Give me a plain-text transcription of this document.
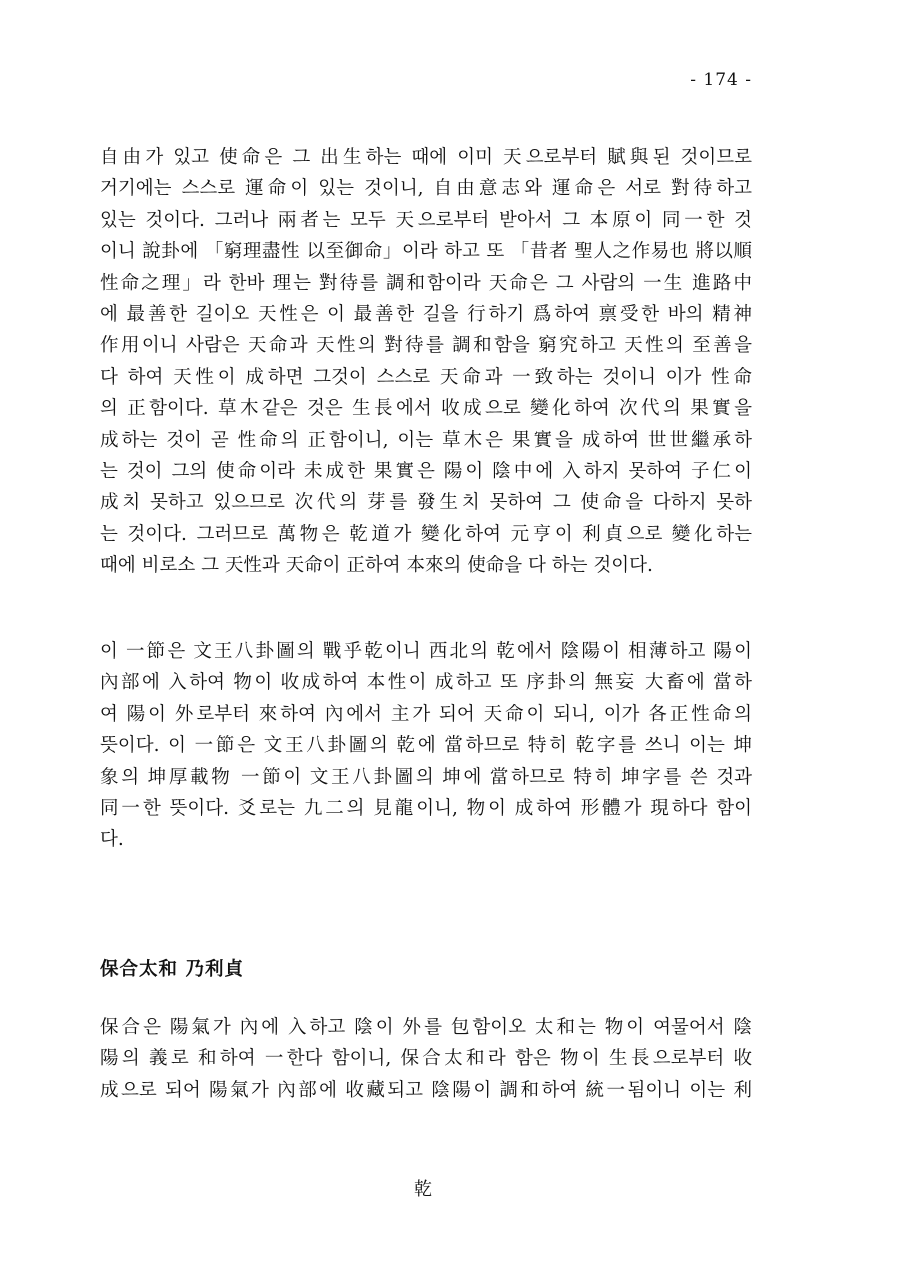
- 174 -
自由가 있고 使命은 그 出生하는 때에 이미 天으로부터 賦與된 것이므로
거기에는 스스로 運命이 있는 것이니, 自由意志와 運命은 서로 對待하고
있는 것이다. 그러나 兩者는 모두 天으로부터 받아서 그 本原이 同一한 것
이니 說卦에 「窮理盡性 以至御命」이라 하고 또 「昔者 聖人之作易也 將以順
性命之理」라 한바 理는 對待를 調和함이라 天命은 그 사람의 一生 進路中
에 最善한 길이오 天性은 이 最善한 길을 行하기 爲하여 禀受한 바의 精神
作用이니 사람은 天命과 天性의 對待를 調和함을 窮究하고 天性의 至善을
다 하여 天性이 成하면 그것이 스스로 天命과 一致하는 것이니 이가 性命
의 正함이다. 草木같은 것은 生長에서 收成으로 變化하여 次代의 果實을
成하는 것이 곧 性命의 正함이니, 이는 草木은 果實을 成하여 世世繼承하
는 것이 그의 使命이라 未成한 果實은 陽이 陰中에 入하지 못하여 子仁이
成치 못하고 있으므로 次代의 芽를 發生치 못하여 그 使命을 다하지 못하
는 것이다. 그러므로 萬物은 乾道가 變化하여 元亨이 利貞으로 變化하는
때에 비로소 그 天性과 天命이 正하여 本來의 使命을 다 하는 것이다.
이 一節은 文王八卦圖의 戰乎乾이니 西北의 乾에서 陰陽이 相薄하고 陽이
內部에 入하여 物이 收成하여 本性이 成하고 또 序卦의 無妄 大畜에 當하
여 陽이 外로부터 來하여 內에서 主가 되어 天命이 되니, 이가 各正性命의
뜻이다. 이 一節은 文王八卦圖의 乾에 當하므로 特히 乾字를 쓰니 이는 坤
象의 坤厚載物 一節이 文王八卦圖의 坤에 當하므로 特히 坤字를 쓴 것과
同一한 뜻이다. 爻로는 九二의 見龍이니, 物이 成하여 形體가 現하다 함이
다.
保合太和 乃利貞
保合은 陽氣가 內에 入하고 陰이 外를 包함이오 太和는 物이 여물어서 陰
陽의 義로 和하여 一한다 함이니, 保合太和라 함은 物이 生長으로부터 收
成으로 되어 陽氣가 內部에 收藏되고 陰陽이 調和하여 統一됨이니 이는 利
乾
